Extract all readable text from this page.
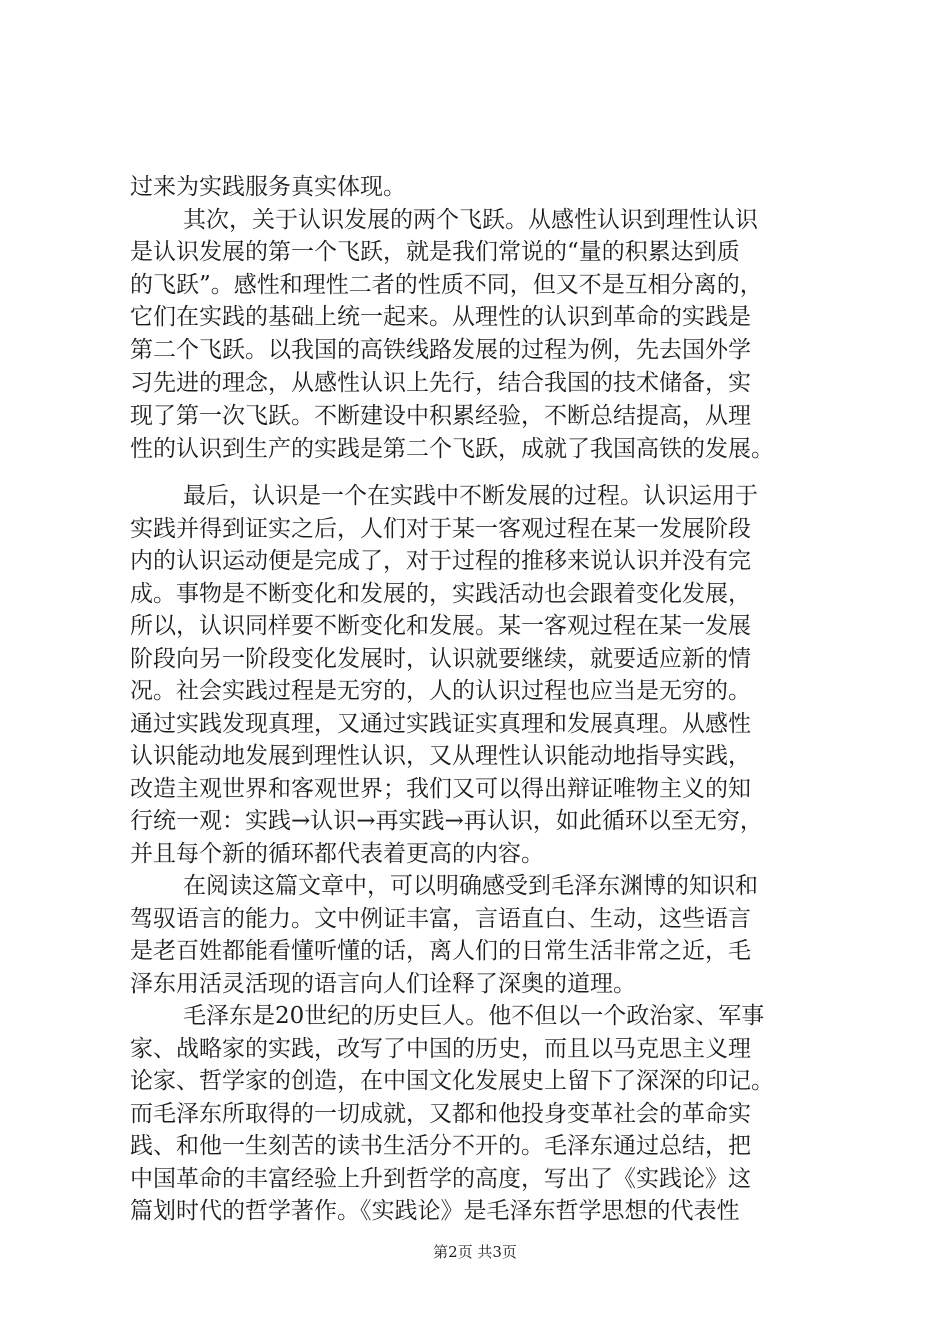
过来为实践服务真实体现。
其次，关于认识发展的两个飞跃。从感性认识到理性认识
是认识发展的第一个飞跃，就是我们常说的“量的积累达到质
的飞跃”。感性和理性二者的性质不同，但又不是互相分离的，
它们在实践的基础上统一起来。从理性的认识到革命的实践是
第二个飞跃。以我国的高铁线路发展的过程为例，先去国外学
习先进的理念，从感性认识上先行，结合我国的技术储备，实
现了第一次飞跃。不断建设中积累经验，不断总结提高，从理
性的认识到生产的实践是第二个飞跃，成就了我国高铁的发展。
最后，认识是一个在实践中不断发展的过程。认识运用于
实践并得到证实之后，人们对于某一客观过程在某一发展阶段
内的认识运动便是完成了，对于过程的推移来说认识并没有完
成。事物是不断变化和发展的，实践活动也会跟着变化发展，
所以，认识同样要不断变化和发展。某一客观过程在某一发展
阶段向另一阶段变化发展时，认识就要继续，就要适应新的情
况。社会实践过程是无穷的，人的认识过程也应当是无穷的。
通过实践发现真理，又通过实践证实真理和发展真理。从感性
认识能动地发展到理性认识，又从理性认识能动地指导实践，
改造主观世界和客观世界；我们又可以得出辩证唯物主义的知
行统一观：实践→认识→再实践→再认识，如此循环以至无穷，
并且每个新的循环都代表着更高的内容。
在阅读这篇文章中，可以明确感受到毛泽东渊博的知识和
驾驭语言的能力。文中例证丰富，言语直白、生动，这些语言
是老百姓都能看懂听懂的话，离人们的日常生活非常之近，毛
泽东用活灵活现的语言向人们诠释了深奥的道理。
毛泽东是20世纪的历史巨人。他不但以一个政治家、军事
家、战略家的实践，改写了中国的历史，而且以马克思主义理
论家、哲学家的创造，在中国文化发展史上留下了深深的印记。
而毛泽东所取得的一切成就，又都和他投身变革社会的革命实
践、和他一生刻苦的读书生活分不开的。毛泽东通过总结，把
中国革命的丰富经验上升到哲学的高度，写出了《实践论》这
篇划时代的哲学著作。《实践论》是毛泽东哲学思想的代表性
第2页 共3页
